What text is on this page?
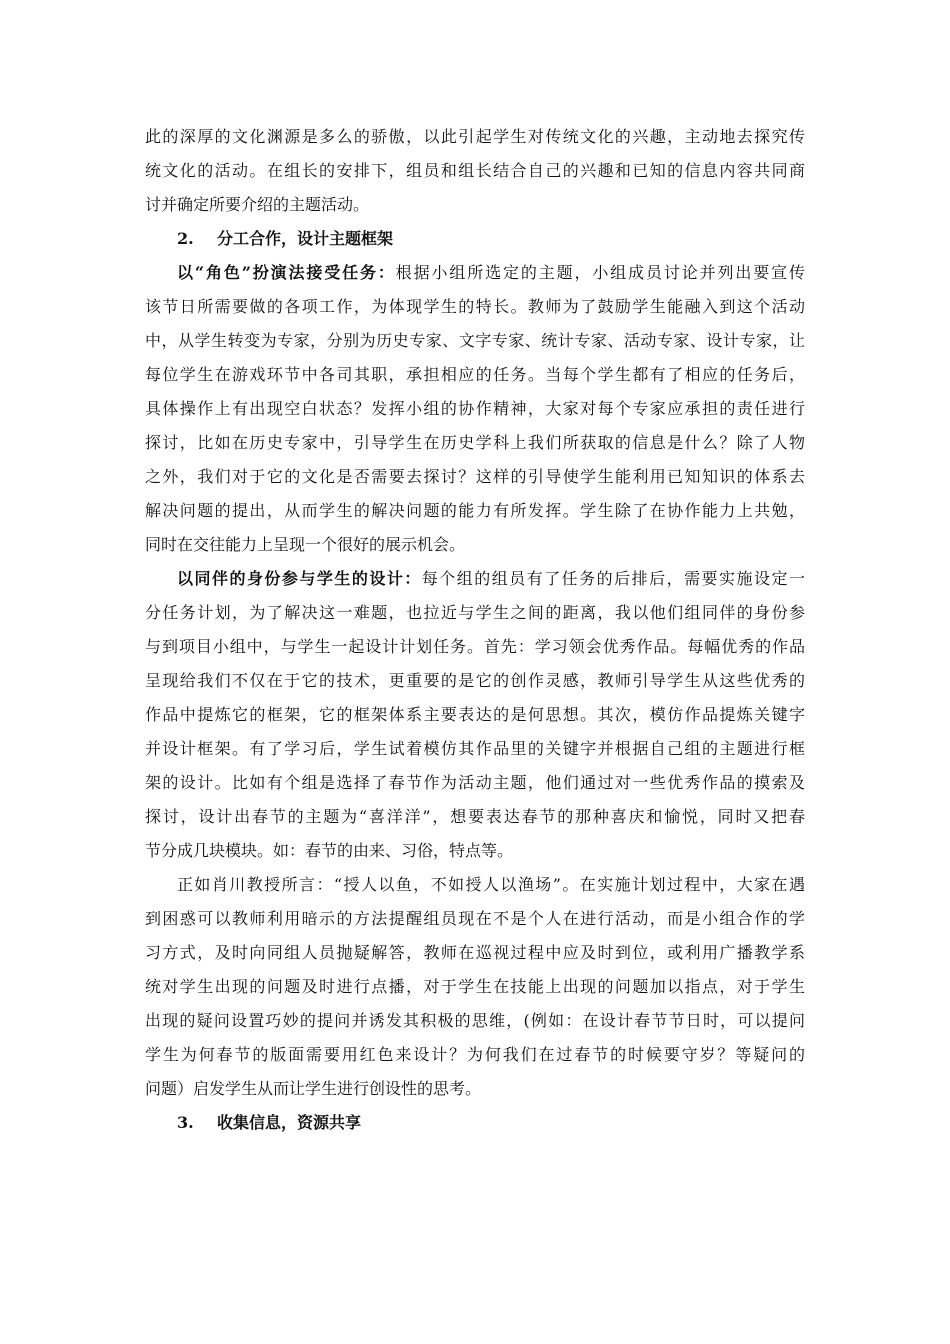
此的深厚的文化渊源是多么的骄傲，以此引起学生对传统文化的兴趣，主动地去探究传
统文化的活动。在组长的安排下，组员和组长结合自己的兴趣和已知的信息内容共同商
讨并确定所要介绍的主题活动。
2. 分工合作，设计主题框架
以“角色”扮演法接受任务：根据小组所选定的主题，小组成员讨论并列出要宣传
该节日所需要做的各项工作，为体现学生的特长。教师为了鼓励学生能融入到这个活动
中，从学生转变为专家，分别为历史专家、文字专家、统计专家、活动专家、设计专家，让
每位学生在游戏环节中各司其职，承担相应的任务。当每个学生都有了相应的任务后，
具体操作上有出现空白状态？发挥小组的协作精神，大家对每个专家应承担的责任进行
探讨，比如在历史专家中，引导学生在历史学科上我们所获取的信息是什么？除了人物
之外，我们对于它的文化是否需要去探讨？这样的引导使学生能利用已知知识的体系去
解决问题的提出，从而学生的解决问题的能力有所发挥。学生除了在协作能力上共勉，
同时在交往能力上呈现一个很好的展示机会。
以同伴的身份参与学生的设计：每个组的组员有了任务的后排后，需要实施设定一
分任务计划，为了解决这一难题，也拉近与学生之间的距离，我以他们组同伴的身份参
与到项目小组中，与学生一起设计计划任务。首先：学习领会优秀作品。每幅优秀的作品
呈现给我们不仅在于它的技术，更重要的是它的创作灵感，教师引导学生从这些优秀的
作品中提炼它的框架，它的框架体系主要表达的是何思想。其次，模仿作品提炼关键字
并设计框架。有了学习后，学生试着模仿其作品里的关键字并根据自己组的主题进行框
架的设计。比如有个组是选择了春节作为活动主题，他们通过对一些优秀作品的摸索及
探讨，设计出春节的主题为“喜洋洋”，想要表达春节的那种喜庆和愉悦，同时又把春
节分成几块模块。如：春节的由来、习俗，特点等。
正如肖川教授所言：“授人以鱼，不如授人以渔场”。在实施计划过程中，大家在遇
到困惑可以教师利用暗示的方法提醒组员现在不是个人在进行活动，而是小组合作的学
习方式，及时向同组人员抛疑解答，教师在巡视过程中应及时到位，或利用广播教学系
统对学生出现的问题及时进行点播，对于学生在技能上出现的问题加以指点，对于学生
出现的疑问设置巧妙的提问并诱发其积极的思维，(例如：在设计春节节日时，可以提问
学生为何春节的版面需要用红色来设计？为何我们在过春节的时候要守岁？等疑问的
问题）启发学生从而让学生进行创设性的思考。
3. 收集信息，资源共享
